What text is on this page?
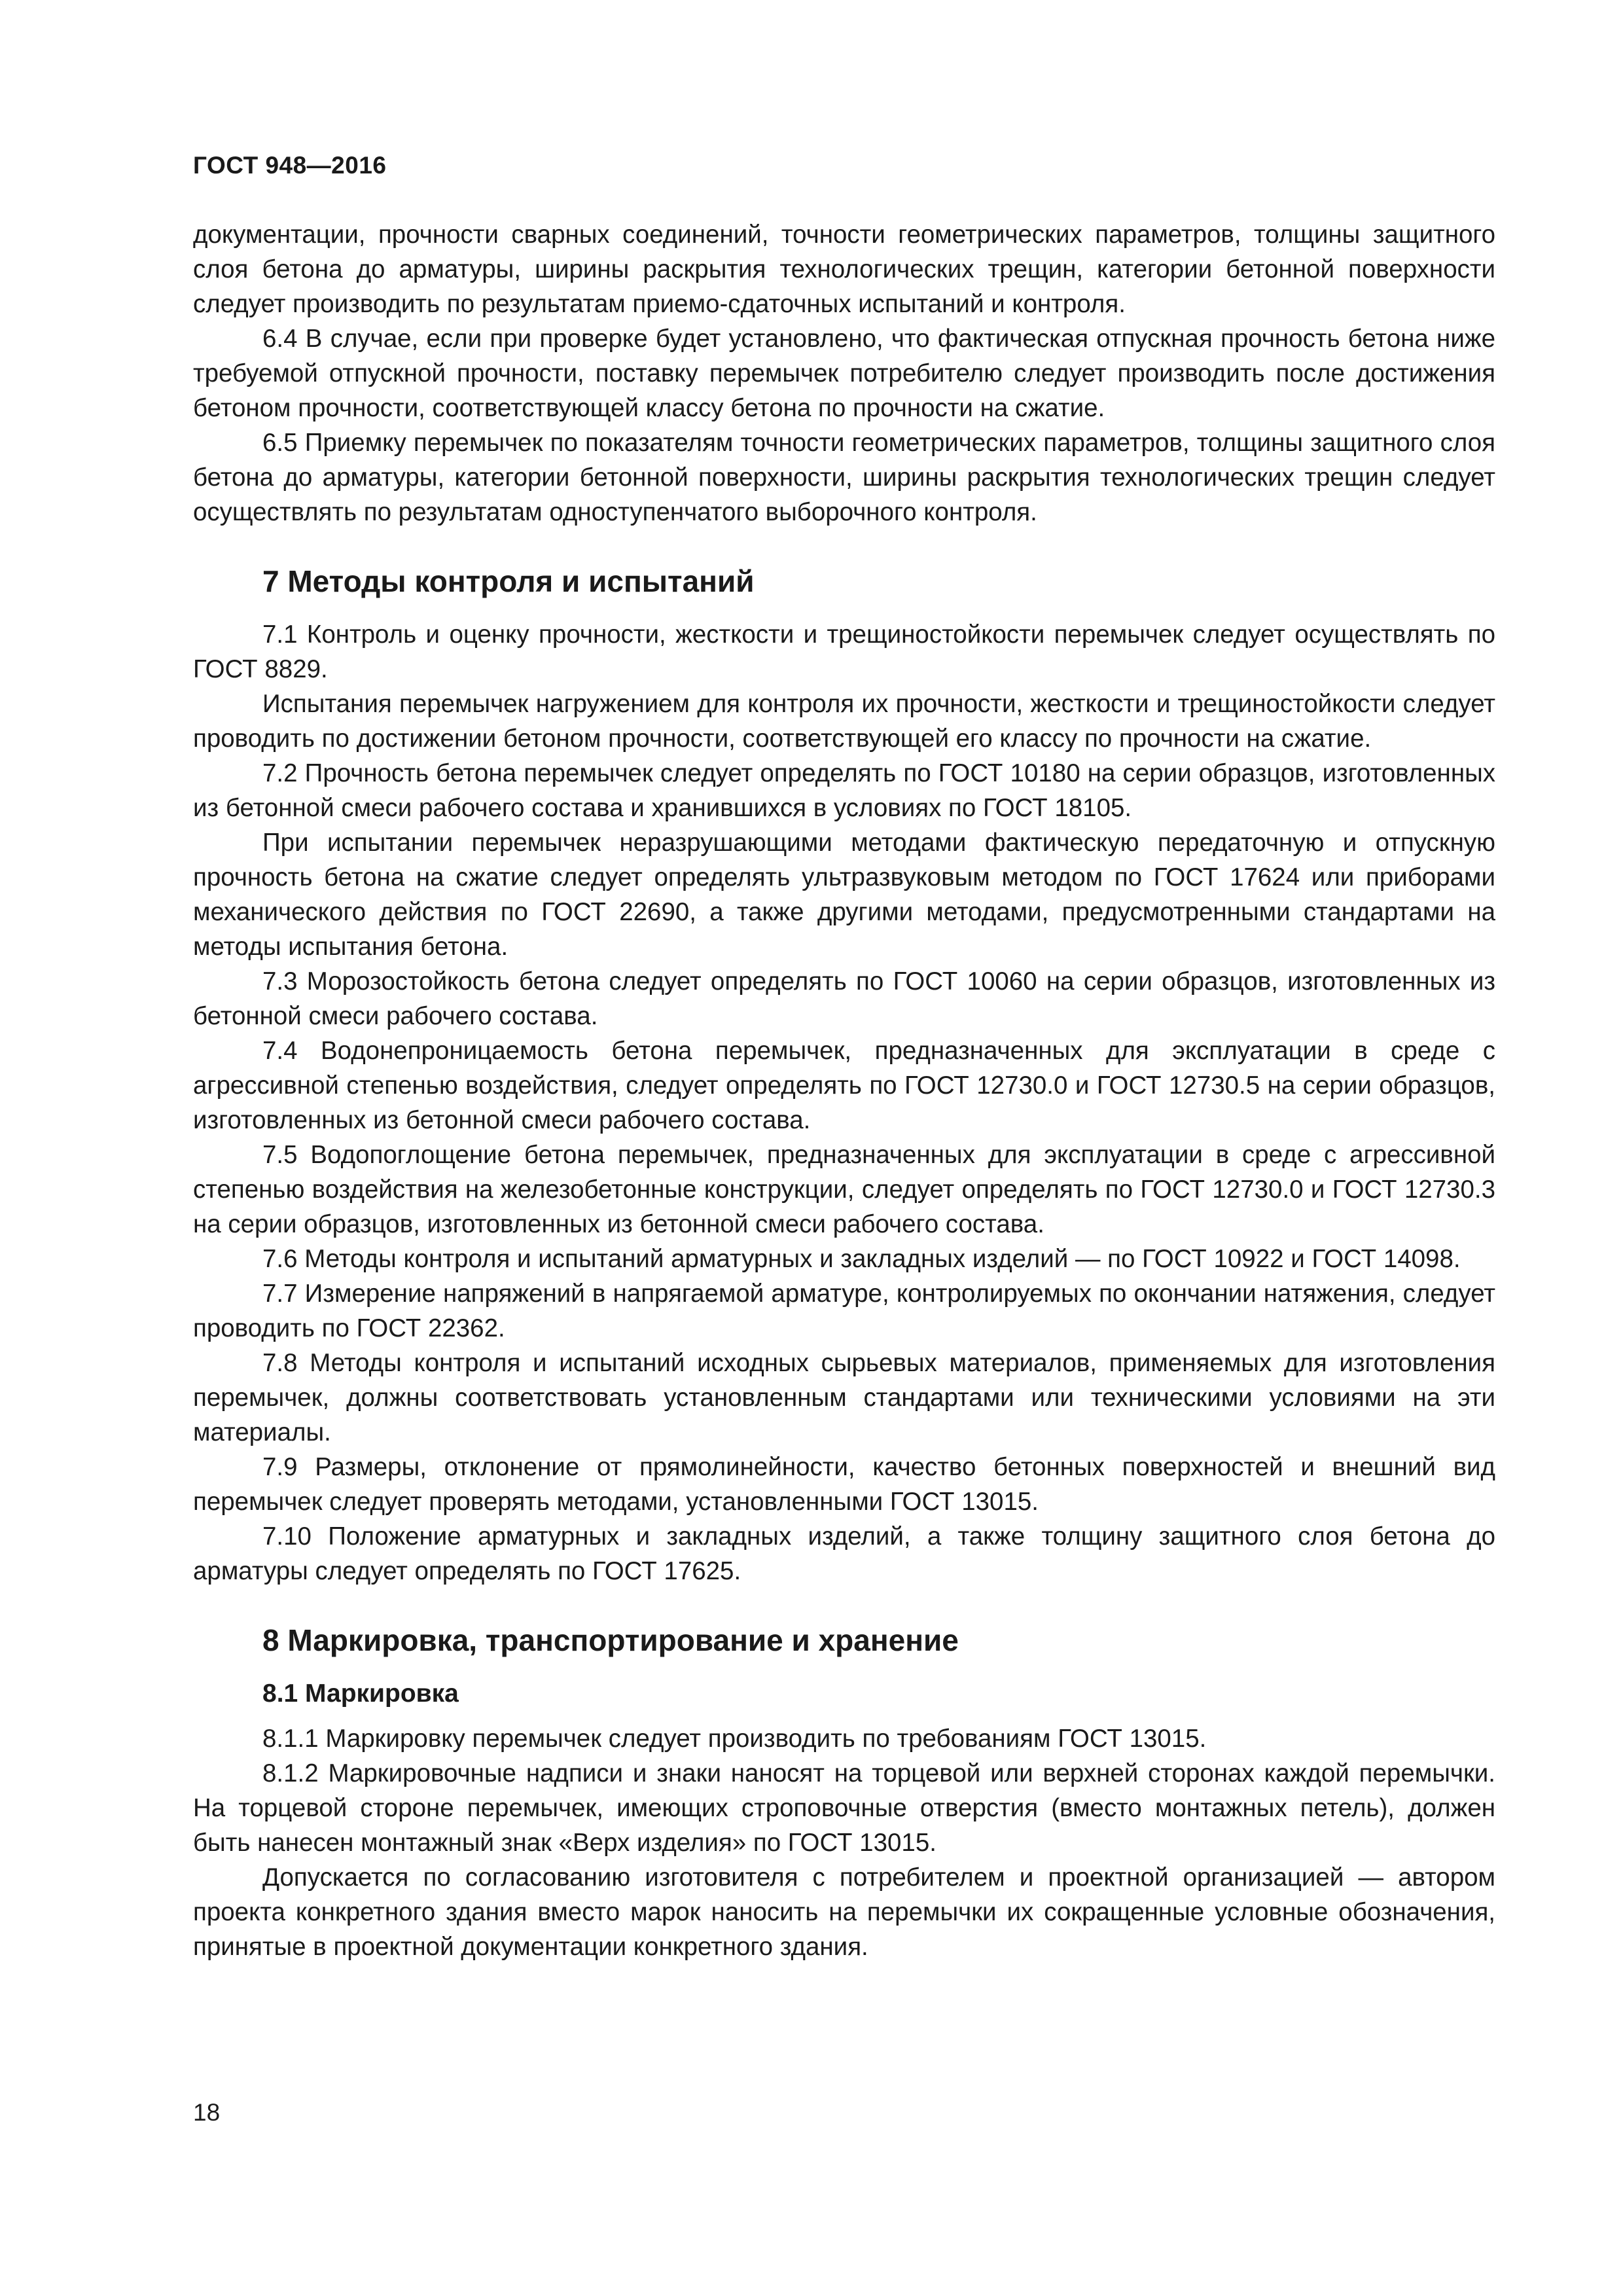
ГОСТ 948—2016

документации, прочности сварных соединений, точности геометрических параметров, толщины защитного слоя бетона до арматуры, ширины раскрытия технологических трещин, категории бетонной поверхности следует производить по результатам приемо-сдаточных испытаний и контроля.

6.4 В случае, если при проверке будет установлено, что фактическая отпускная прочность бетона ниже требуемой отпускной прочности, поставку перемычек потребителю следует производить после достижения бетоном прочности, соответствующей классу бетона по прочности на сжатие.

6.5 Приемку перемычек по показателям точности геометрических параметров, толщины защитного слоя бетона до арматуры, категории бетонной поверхности, ширины раскрытия технологических трещин следует осуществлять по результатам одноступенчатого выборочного контроля.

7 Методы контроля и испытаний

7.1 Контроль и оценку прочности, жесткости и трещиностойкости перемычек следует осуществлять по ГОСТ 8829.

Испытания перемычек нагружением для контроля их прочности, жесткости и трещиностойкости следует проводить по достижении бетоном прочности, соответствующей его классу по прочности на сжатие.

7.2 Прочность бетона перемычек следует определять по ГОСТ 10180 на серии образцов, изготовленных из бетонной смеси рабочего состава и хранившихся в условиях по ГОСТ 18105.

При испытании перемычек неразрушающими методами фактическую передаточную и отпускную прочность бетона на сжатие следует определять ультразвуковым методом по ГОСТ 17624 или приборами механического действия по ГОСТ 22690, а также другими методами, предусмотренными стандартами на методы испытания бетона.

7.3 Морозостойкость бетона следует определять по ГОСТ 10060 на серии образцов, изготовленных из бетонной смеси рабочего состава.

7.4 Водонепроницаемость бетона перемычек, предназначенных для эксплуатации в среде с агрессивной степенью воздействия, следует определять по ГОСТ 12730.0 и ГОСТ 12730.5 на серии образцов, изготовленных из бетонной смеси рабочего состава.

7.5 Водопоглощение бетона перемычек, предназначенных для эксплуатации в среде с агрессивной степенью воздействия на железобетонные конструкции, следует определять по ГОСТ 12730.0 и ГОСТ 12730.3 на серии образцов, изготовленных из бетонной смеси рабочего состава.

7.6 Методы контроля и испытаний арматурных и закладных изделий — по ГОСТ 10922 и ГОСТ 14098.

7.7 Измерение напряжений в напрягаемой арматуре, контролируемых по окончании натяжения, следует проводить по ГОСТ 22362.

7.8 Методы контроля и испытаний исходных сырьевых материалов, применяемых для изготовления перемычек, должны соответствовать установленным стандартами или техническими условиями на эти материалы.

7.9 Размеры, отклонение от прямолинейности, качество бетонных поверхностей и внешний вид перемычек следует проверять методами, установленными ГОСТ 13015.

7.10 Положение арматурных и закладных изделий, а также толщину защитного слоя бетона до арматуры следует определять по ГОСТ 17625.

8 Маркировка, транспортирование и хранение
8.1 Маркировка

8.1.1 Маркировку перемычек следует производить по требованиям ГОСТ 13015.

8.1.2 Маркировочные надписи и знаки наносят на торцевой или верхней сторонах каждой перемычки. На торцевой стороне перемычек, имеющих строповочные отверстия (вместо монтажных петель), должен быть нанесен монтажный знак «Верх изделия» по ГОСТ 13015.

Допускается по согласованию изготовителя с потребителем и проектной организацией — автором проекта конкретного здания вместо марок наносить на перемычки их сокращенные условные обозначения, принятые в проектной документации конкретного здания.

18
